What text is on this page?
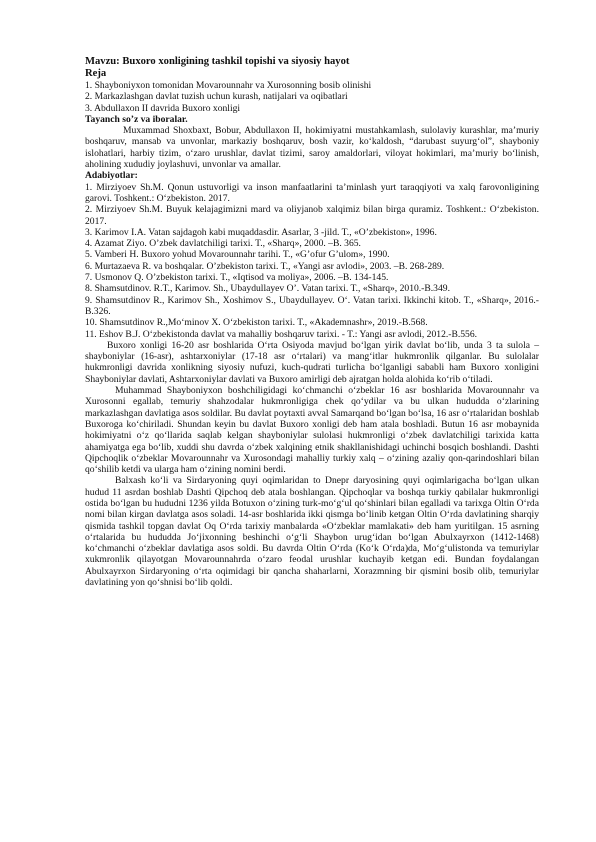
Mavzu: Buxoro xonligining tashkil topishi va siyosiy hayot

Reja

1. Shayboniyxon tomonidan Movarounnahr va Xurosonning bosib olinishi

2. Markazlashgan davlat tuzish uchun kurash, natijalari va oqibatlari

3. Abdullaxon II davrida Buxoro xonligi

Tayanch so’z va iboralar.

Muxammad Shoxbaxt, Bobur, Abdullaxon II, hokimiyatni mustahkamlash, sulolaviy kurashlar, ma’muriy boshqaruv, mansab va unvonlar, markaziy boshqaruv, bosh vazir, ko‘kaldosh, “darubast suyurg‘ol”, shayboniy islohatlari, harbiy tizim, o‘zaro urushlar, davlat tizimi, saroy amaldorlari, viloyat hokimlari, ma’muriy bo‘linish, aholining xududiy joylashuvi, unvonlar va amallar.

Adabiyotlar:

1. Mirziyoev Sh.M. Qonun ustuvorligi va inson manfaatlarini ta’minlash yurt taraqqiyoti va xalq farovonligining garovi. Toshkent.: O‘zbekiston. 2017.

2. Mirziyoev Sh.M. Buyuk kelajagimizni mard va oliyjanob xalqimiz bilan birga quramiz. Toshkent.: O‘zbekiston. 2017.

3. Karimov I.A. Vatan sajdagoh kabi muqaddasdir. Asarlar, 3 -jild. T., «O’zbekiston», 1996.

4. Azamat Ziyo. O’zbek davlatchiligi tarixi. T., «Sharq», 2000. –B. 365.

5. Vamberi H. Buxoro yohud Movarounnahr tarihi. T., «G’ofur G’ulom», 1990.

6. Murtazaeva R. va boshqalar. O’zbekiston tarixi. T., «Yangi asr avlodi», 2003. –B. 268-289.

7. Usmonov Q. O’zbekiston tarixi. T., «Iqtisod va moliya», 2006. –B. 134-145.

8. Shamsutdinov. R.T., Karimov. Sh., Ubaydullayev O’. Vatan tarixi. T., «Sharq», 2010.-B.349.

9. Shamsutdinov R., Karimov Sh., Xoshimov S., Ubaydullayev. O‘. Vatan tarixi. Ikkinchi kitob. T., «Sharq», 2016.-B.326.

10. Shamsutdinov R.,Mo‘minov X. O‘zbekiston tarixi. T., «Akademnashr», 2019.-B.568.

11. Eshov B.J. O‘zbekistonda davlat va mahalliy boshqaruv tarixi. - T.: Yangi asr avlodi, 2012.-B.556.

Buxoro xonligi 16-20 asr boshlarida O‘rta Osiyoda mavjud bo‘lgan yirik davlat bo‘lib, unda 3 ta sulola – shayboniylar (16-asr), ashtarxoniylar (17-18 asr o‘rtalari) va mang‘itlar hukmronlik qilganlar. Bu sulolalar hukmronligi davrida xonlikning siyosiy nufuzi, kuch-qudrati turlicha bo‘lganligi sababli ham Buxoro xonligini Shayboniylar davlati, Ashtarxoniylar davlati va Buxoro amirligi deb ajratgan holda alohida ko‘rib o‘tiladi.

Muhammad Shayboniyxon boshchiligidagi ko‘chmanchi o‘zbeklar 16 asr boshlarida Movarounnahr va Xurosonni egallab, temuriy shahzodalar hukmronligiga chek qo‘ydilar va bu ulkan hududda o‘zlarining markazlashgan davlatiga asos soldilar. Bu davlat poytaxti avval Samarqand bo‘lgan bo‘lsa, 16 asr o‘rtalaridan boshlab Buxoroga ko‘chiriladi. Shundan keyin bu davlat Buxoro xonligi deb ham atala boshladi. Butun 16 asr mobaynida hokimiyatni o‘z qo‘llarida saqlab kelgan shayboniylar sulolasi hukmronligi o‘zbek davlatchiligi tarixida katta ahamiyatga ega bo‘lib, xuddi shu davrda o‘zbek xalqining etnik shakllanishidagi uchinchi bosqich boshlandi. Dashti Qipchoqlik o‘zbeklar Movarounnahr va Xurosondagi mahalliy turkiy xalq – o‘zining azaliy qon-qarindoshlari bilan qo‘shilib ketdi va ularga ham o‘zining nomini berdi.

Balxash ko‘li va Sirdaryoning quyi oqimlaridan to Dnepr daryosining quyi oqimlarigacha bo‘lgan ulkan hudud 11 asrdan boshlab Dashti Qipchoq deb atala boshlangan. Qipchoqlar va boshqa turkiy qabilalar hukmronligi ostida bo‘lgan bu hududni 1236 yilda Botuxon o‘zining turk-mo‘g‘ul qo‘shinlari bilan egalladi va tarixga Oltin O‘rda nomi bilan kirgan davlatga asos soladi. 14-asr boshlarida ikki qismga bo‘linib ketgan Oltin O‘rda davlatining sharqiy qismida tashkil topgan davlat Oq O‘rda tarixiy manbalarda «O‘zbeklar mamlakati» deb ham yuritilgan. 15 asrning o‘rtalarida bu hududda Jo‘jixonning beshinchi o‘g‘li Shaybon urug‘idan bo‘lgan Abulxayrxon (1412-1468) ko‘chmanchi o‘zbeklar davlatiga asos soldi. Bu davrda Oltin O‘rda (Ko‘k O‘rda)da, Mo‘g‘ulistonda va temuriylar xukmronlik qilayotgan Movarounnahrda o‘zaro feodal urushlar kuchayib ketgan edi. Bundan foydalangan Abulxayrxon Sirdaryoning o‘rta oqimidagi bir qancha shaharlarni, Xorazmning bir qismini bosib olib, temuriylar davlatining yon qo‘shnisi bo‘lib qoldi.
